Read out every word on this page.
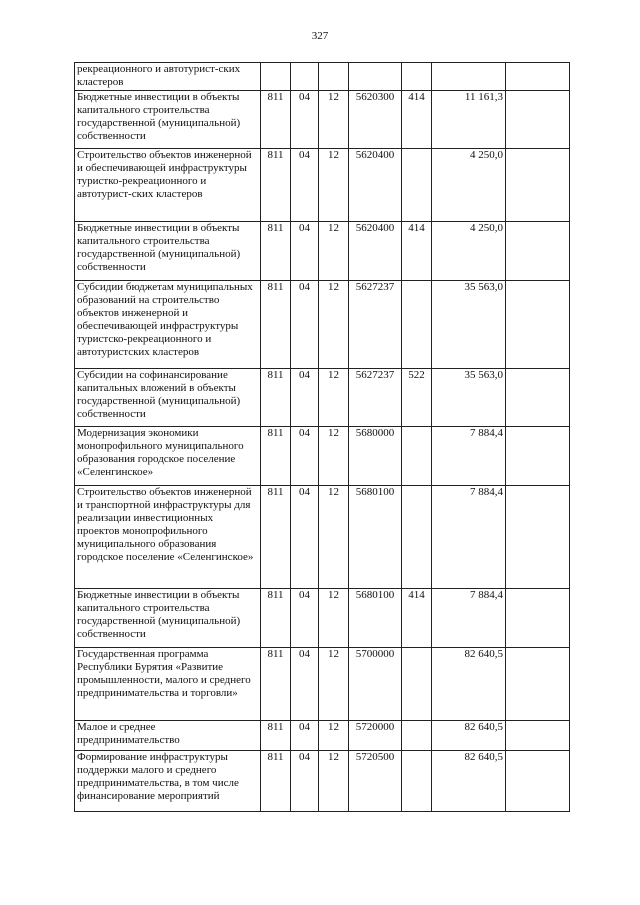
327
рекреационного и автотурист-ских кластеров							
Бюджетные инвестиции в объекты капитального строительства государственной (муниципальной) собственности	811	04	12	5620300	414	11 161,3	
Строительство объектов инженерной и обеспечивающей инфраструктуры туристко-рекреационного и автотурист-ских кластеров	811	04	12	5620400		4 250,0	
Бюджетные инвестиции в объекты капитального строительства государственной (муниципальной) собственности	811	04	12	5620400	414	4 250,0	
Субсидии бюджетам муниципальных образований на строительство объектов инженерной и обеспечивающей инфраструктуры туристско-рекреационного и автотуристских кластеров	811	04	12	5627237		35 563,0	
Субсидии на софинансирование капитальных вложений в объекты государственной (муниципальной) собственности	811	04	12	5627237	522	35 563,0	
Модернизация экономики монопрофильного муниципального образования городское поселение «Селенгинское»	811	04	12	5680000		7 884,4	
Строительство объектов инженерной и транспортной инфраструктуры для реализации инвестиционных проектов монопрофильного муниципального образования городское поселение «Селенгинское»	811	04	12	5680100		7 884,4	
Бюджетные инвестиции в объекты капитального строительства государственной (муниципальной) собственности	811	04	12	5680100	414	7 884,4	
Государственная программа Республики Бурятия «Развитие промышленности, малого и среднего предпринимательства и торговли»	811	04	12	5700000		82 640,5	
Малое и среднее предпринимательство	811	04	12	5720000		82 640,5	
Формирование инфраструктуры поддержки малого и среднего предпринимательства, в том числе финансирование мероприятий	811	04	12	5720500		82 640,5	
